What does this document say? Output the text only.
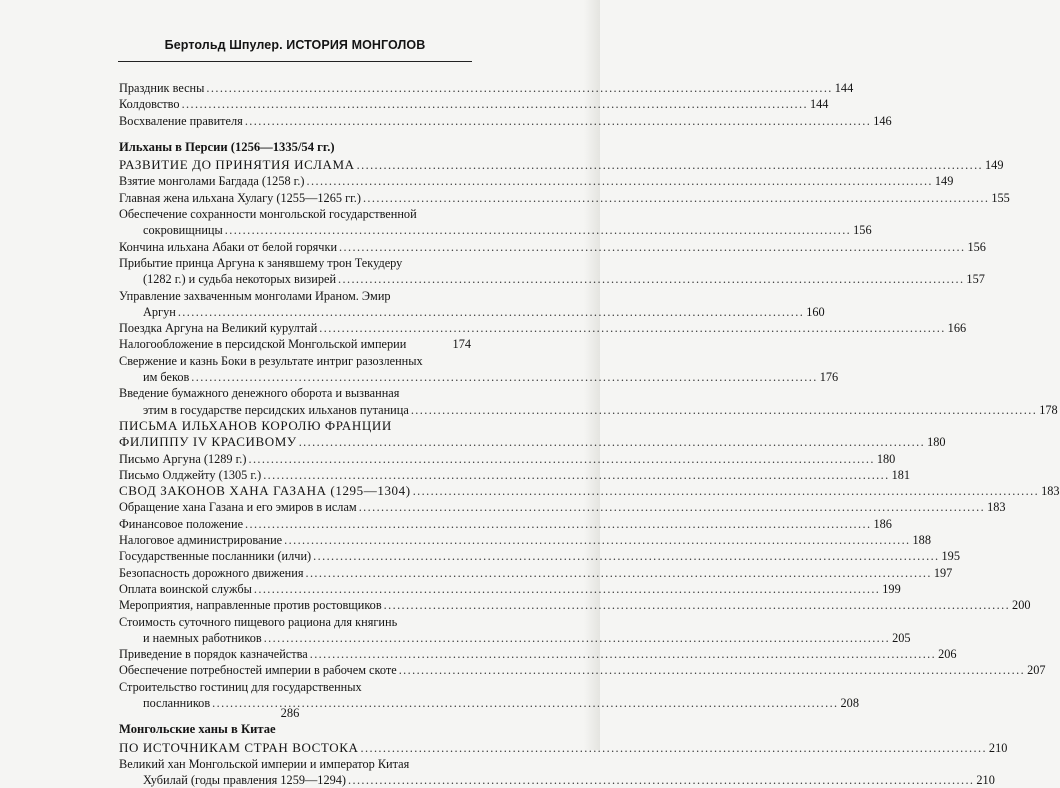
Бертольд Шпулер. ИСТОРИЯ МОНГОЛОВ
Праздник весны ............................................................................................................................................ 144
Колдовство ............................................................................................................................................ 144
Восхваление правителя ............................................................................................................................................ 146
Ильханы в Персии (1256—1335/54 гг.)
РАЗВИТИЕ ДО ПРИНЯТИЯ ИСЛАМА ............................................................................................................................................ 149
Взятие монголами Багдада (1258 г.) ............................................................................................................................................ 149
Главная жена ильхана Хулагу (1255—1265 гг.) ............................................................................................................................................ 155
Обеспечение сохранности монгольской государственной
сокровищницы ............................................................................................................................................ 156
Кончина ильхана Абаки от белой горячки ............................................................................................................................................ 156
Прибытие принца Аргуна к занявшему трон Текудеру
(1282 г.) и судьба некоторых визирей ............................................................................................................................................ 157
Управление захваченным монголами Ираном. Эмир
Аргун ............................................................................................................................................ 160
Поездка Аргуна на Великий курултай ............................................................................................................................................ 166
Налогообложение в персидской Монгольской империи	174
Свержение и казнь Боки в результате интриг разозленных
им беков ............................................................................................................................................ 176
Введение бумажного денежного оборота и вызванная
этим в государстве персидских ильханов путаница ............................................................................................................................................ 178
ПИСЬМА ИЛЬХАНОВ КОРОЛЮ ФРАНЦИИ
ФИЛИППУ IV КРАСИВОМУ ............................................................................................................................................ 180
Письмо Аргуна (1289 г.) ............................................................................................................................................ 180
Письмо Олджейту (1305 г.) ............................................................................................................................................ 181
СВОД ЗАКОНОВ ХАНА ГАЗАНА (1295—1304) ............................................................................................................................................ 183
Обращение хана Газана и его эмиров в ислам ............................................................................................................................................ 183
Финансовое положение ............................................................................................................................................ 186
Налоговое администрирование ............................................................................................................................................ 188
Государственные посланники (илчи) ............................................................................................................................................ 195
Безопасность дорожного движения ............................................................................................................................................ 197
Оплата воинской службы ............................................................................................................................................ 199
Мероприятия, направленные против ростовщиков ............................................................................................................................................ 200
Стоимость суточного пищевого рациона для княгинь
и наемных работников ............................................................................................................................................ 205
Приведение в порядок казначейства ............................................................................................................................................ 206
Обеспечение потребностей империи в рабочем скоте ............................................................................................................................................ 207
Строительство гостиниц для государственных
посланников ............................................................................................................................................ 208
Монгольские ханы в Китае
ПО ИСТОЧНИКАМ СТРАН ВОСТОКА ............................................................................................................................................ 210
Великий хан Монгольской империи и император Китая
Хубилай (годы правления 1259—1294) ............................................................................................................................................ 210
286
